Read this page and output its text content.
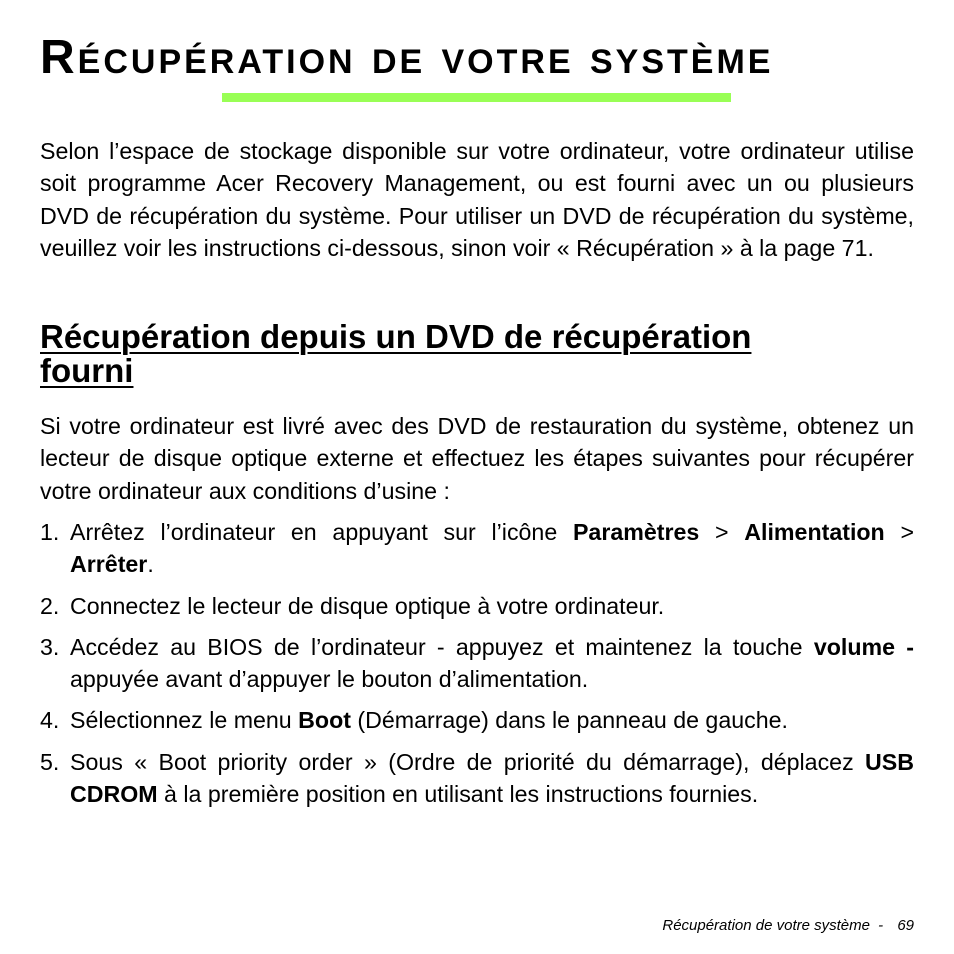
Récupération de votre système

Selon l’espace de stockage disponible sur votre ordinateur, votre ordinateur utilise soit programme Acer Recovery Management, ou est fourni avec un ou plusieurs DVD de récupération du système. Pour utiliser un DVD de récupération du système, veuillez voir les instructions ci-dessous, sinon voir « Récupération » à la page 71.

Récupération depuis un DVD de récupération fourni

Si votre ordinateur est livré avec des DVD de restauration du système, obtenez un lecteur de disque optique externe et effectuez les étapes suivantes pour récupérer votre ordinateur aux conditions d’usine :

1. Arrêtez l’ordinateur en appuyant sur l’icône Paramètres > Alimentation > Arrêter.
2. Connectez le lecteur de disque optique à votre ordinateur.
3. Accédez au BIOS de l’ordinateur - appuyez et maintenez la touche volume - appuyée avant d’appuyer le bouton d’alimentation.
4. Sélectionnez le menu Boot (Démarrage) dans le panneau de gauche.
5. Sous « Boot priority order » (Ordre de priorité du démarrage), déplacez USB CDROM à la première position en utilisant les instructions fournies.
Récupération de votre système - 69
